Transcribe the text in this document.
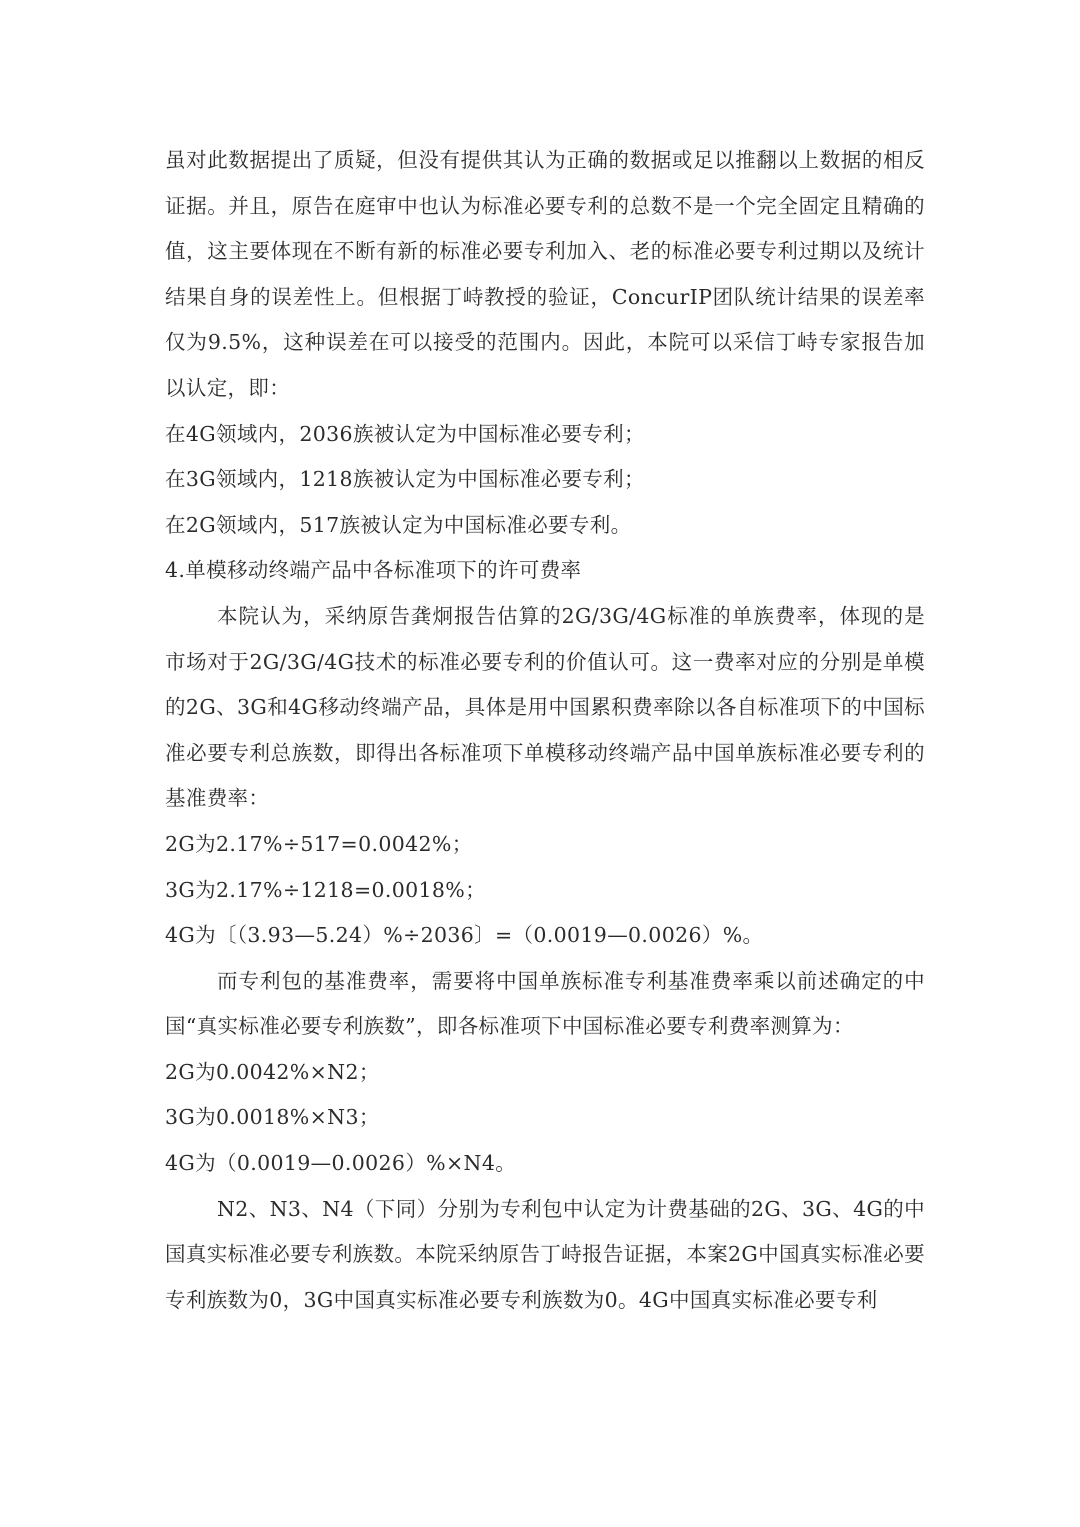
虽对此数据提出了质疑，但没有提供其认为正确的数据或足以推翻以上数据的相反证据。并且，原告在庭审中也认为标准必要专利的总数不是一个完全固定且精确的值，这主要体现在不断有新的标准必要专利加入、老的标准必要专利过期以及统计结果自身的误差性上。但根据丁峙教授的验证，ConcurIP团队统计结果的误差率仅为9.5%，这种误差在可以接受的范围内。因此，本院可以采信丁峙专家报告加以认定，即：

在4G领域内，2036族被认定为中国标准必要专利；

在3G领域内，1218族被认定为中国标准必要专利；

在2G领域内，517族被认定为中国标准必要专利。

4.单模移动终端产品中各标准项下的许可费率

本院认为，采纳原告龚炯报告估算的2G/3G/4G标准的单族费率，体现的是市场对于2G/3G/4G技术的标准必要专利的价值认可。这一费率对应的分别是单模的2G、3G和4G移动终端产品，具体是用中国累积费率除以各自标准项下的中国标准必要专利总族数，即得出各标准项下单模移动终端产品中国单族标准必要专利的基准费率：

2G为2.17%÷517=0.0042%；

3G为2.17%÷1218=0.0018%；

4G为〔（3.93—5.24）%÷2036〕=（0.0019—0.0026）%。

而专利包的基准费率，需要将中国单族标准专利基准费率乘以前述确定的中国“真实标准必要专利族数”，即各标准项下中国标准必要专利费率测算为：

2G为0.0042%×N2；

3G为0.0018%×N3；

4G为（0.0019—0.0026）%×N4。

N2、N3、N4（下同）分别为专利包中认定为计费基础的2G、3G、4G的中国真实标准必要专利族数。本院采纳原告丁峙报告证据，本案2G中国真实标准必要专利族数为0，3G中国真实标准必要专利族数为0。4G中国真实标准必要专利
